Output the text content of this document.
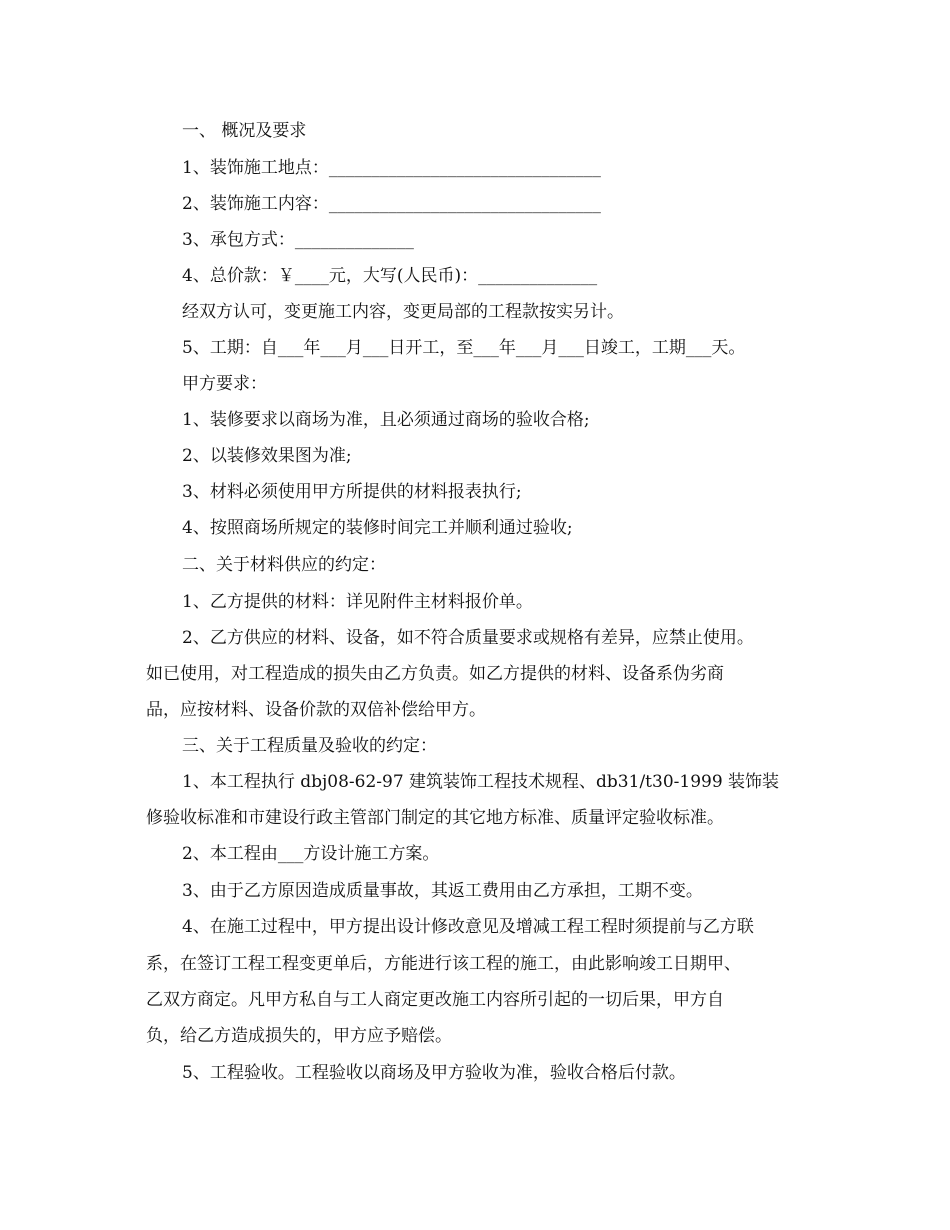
一、 概况及要求
1、装饰施工地点：________________________________
2、装饰施工内容：________________________________
3、承包方式：______________
4、总价款：￥____元，大写(人民币)：______________
经双方认可，变更施工内容，变更局部的工程款按实另计。
5、工期：自___年___月___日开工，至___年___月___日竣工，工期___天。
甲方要求：
1、装修要求以商场为准，且必须通过商场的验收合格;
2、以装修效果图为准;
3、材料必须使用甲方所提供的材料报表执行;
4、按照商场所规定的装修时间完工并顺利通过验收;
二、关于材料供应的约定：
1、乙方提供的材料：详见附件主材料报价单。
2、乙方供应的材料、设备，如不符合质量要求或规格有差异，应禁止使用。
如已使用，对工程造成的损失由乙方负责。如乙方提供的材料、设备系伪劣商
品，应按材料、设备价款的双倍补偿给甲方。
三、关于工程质量及验收的约定：
1、本工程执行 dbj08-62-97 建筑装饰工程技术规程、db31/t30-1999 装饰装
修验收标准和市建设行政主管部门制定的其它地方标准、质量评定验收标准。
2、本工程由___方设计施工方案。
3、由于乙方原因造成质量事故，其返工费用由乙方承担，工期不变。
4、在施工过程中，甲方提出设计修改意见及增减工程工程时须提前与乙方联
系，在签订工程工程变更单后，方能进行该工程的施工，由此影响竣工日期甲、
乙双方商定。凡甲方私自与工人商定更改施工内容所引起的一切后果，甲方自
负，给乙方造成损失的，甲方应予赔偿。
5、工程验收。工程验收以商场及甲方验收为准，验收合格后付款。
